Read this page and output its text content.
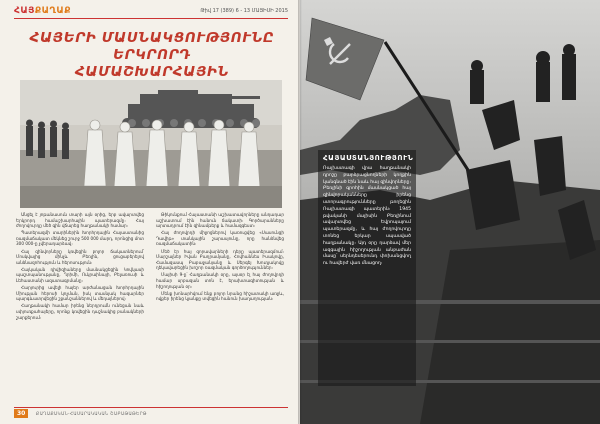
ՀԱՅՔԱՂԱՔ	Թիվ 17 (389) 6 - 13 ՄԱՅԻՍԻ 2015
ՀԱՅԵՐԻ ՄԱՍՆԱԿՑՈՒԹՅՈՒՆԸ ԵՐԿՐՈՐԴ
ՀԱՄԱՇԽԱՐՀԱՅԻՆ

Անցել է յոթանասուն տարի այն օրից, երբ ավարտվեց Երկրորդ համաշխարհային պատերազմը։ Հայ ժողովուրդը մեծ գին վճարեց հաղթանակի համար։

Պատերազմի տարիներին Խորհրդային Հայաստանից ռազմաճակատ մեկնեց շուրջ 500 000 մարդ, որոնցից մոտ 300 000-ը չվերադարձավ։

Հայ զինվորները կռվեցին բոլոր ճակատներում՝ Մոսկվայից մինչև Բեռլին, ցուցաբերելով անձնազոհություն և հերոսություն։

Հայկական դիվիզիաները մասնակցեցին Կովկասի պաշտպանությանը, Ղրիմի, Ուկրաինայի, Բելառուսի և Լեհաստանի ազատագրմանը։

Հարյուրից ավելի հայեր արժանացան Խորհրդային Միության հերոսի կոչման, իսկ տասնյակ հազարներ պարգևատրվեցին շքանշաններով և մեդալներով։

Հաղթանակի համար իրենց ներդրումն ունեցան նաև սփյուռքահայերը, որոնք կռվեցին դաշնակից բանակների շարքերում։

Թիկունքում Հայաստանի աշխատավորները անդադար աշխատում էին հանուն ճակատի։ Գործարանները արտադրում էին զինամթերք և համազգեստ։

Հայ ժողովրդի միջոցներով կառուցվեց «Սասունցի Դավիթ» տանկային շարասյունը, որը հանձնվեց ռազմաճակատին։

Մեծ էր հայ զորավարների դերը պատերազմում։ Մարշալներ Իվան Բաղրամյանը, Հովհաննես Իսակովը, Համազասպ Բաբաջանյանը և Սերգեյ Խուդյակովը ղեկավարեցին խոշոր ռազմական գործողություններ։

Մայիսի 9-ը՝ Հաղթանակի օրը, այսօր էլ հայ ժողովրդի համար սրբազան տոն է, երախտագիտության և հիշողության օր։

Մենք խոնարհվում ենք բոլոր նրանց հիշատակի առջև, ովքեր իրենց կյանքը տվեցին հանուն խաղաղության։

30	ՔԱՂԱՔԱԿԱՆ-ՀԱՍԱՐԱԿԱԿԱՆ ՇԱԲԱԹԱԹԵՐԹ
ՀԱՅԱՍՏԱՆՅՈՒԹՅՈՒՆ
Ռայխստագի վրա հաղթանակի դրոշը բարձրացնողների կողքին կանգնած էին նաև հայ զինվորները։ Բեռլինի գրոհին մասնակցած հայ զինվորականները իրենց ստորագրությունները թողեցին Ռայխստագի պատերին։ 1945 թվականի մայիսին Բեռլինում ավարտվեց Եվրոպայում պատերազմը, և հայ ժողովուրդը տոնեց երկար սպասված հաղթանակը։ Այդ օրը դարձավ մեր ազգային հիշողության անբաժան մասը՝ սերնդեսերունդ փոխանցվող ու հավերժ վառ մնացող։
